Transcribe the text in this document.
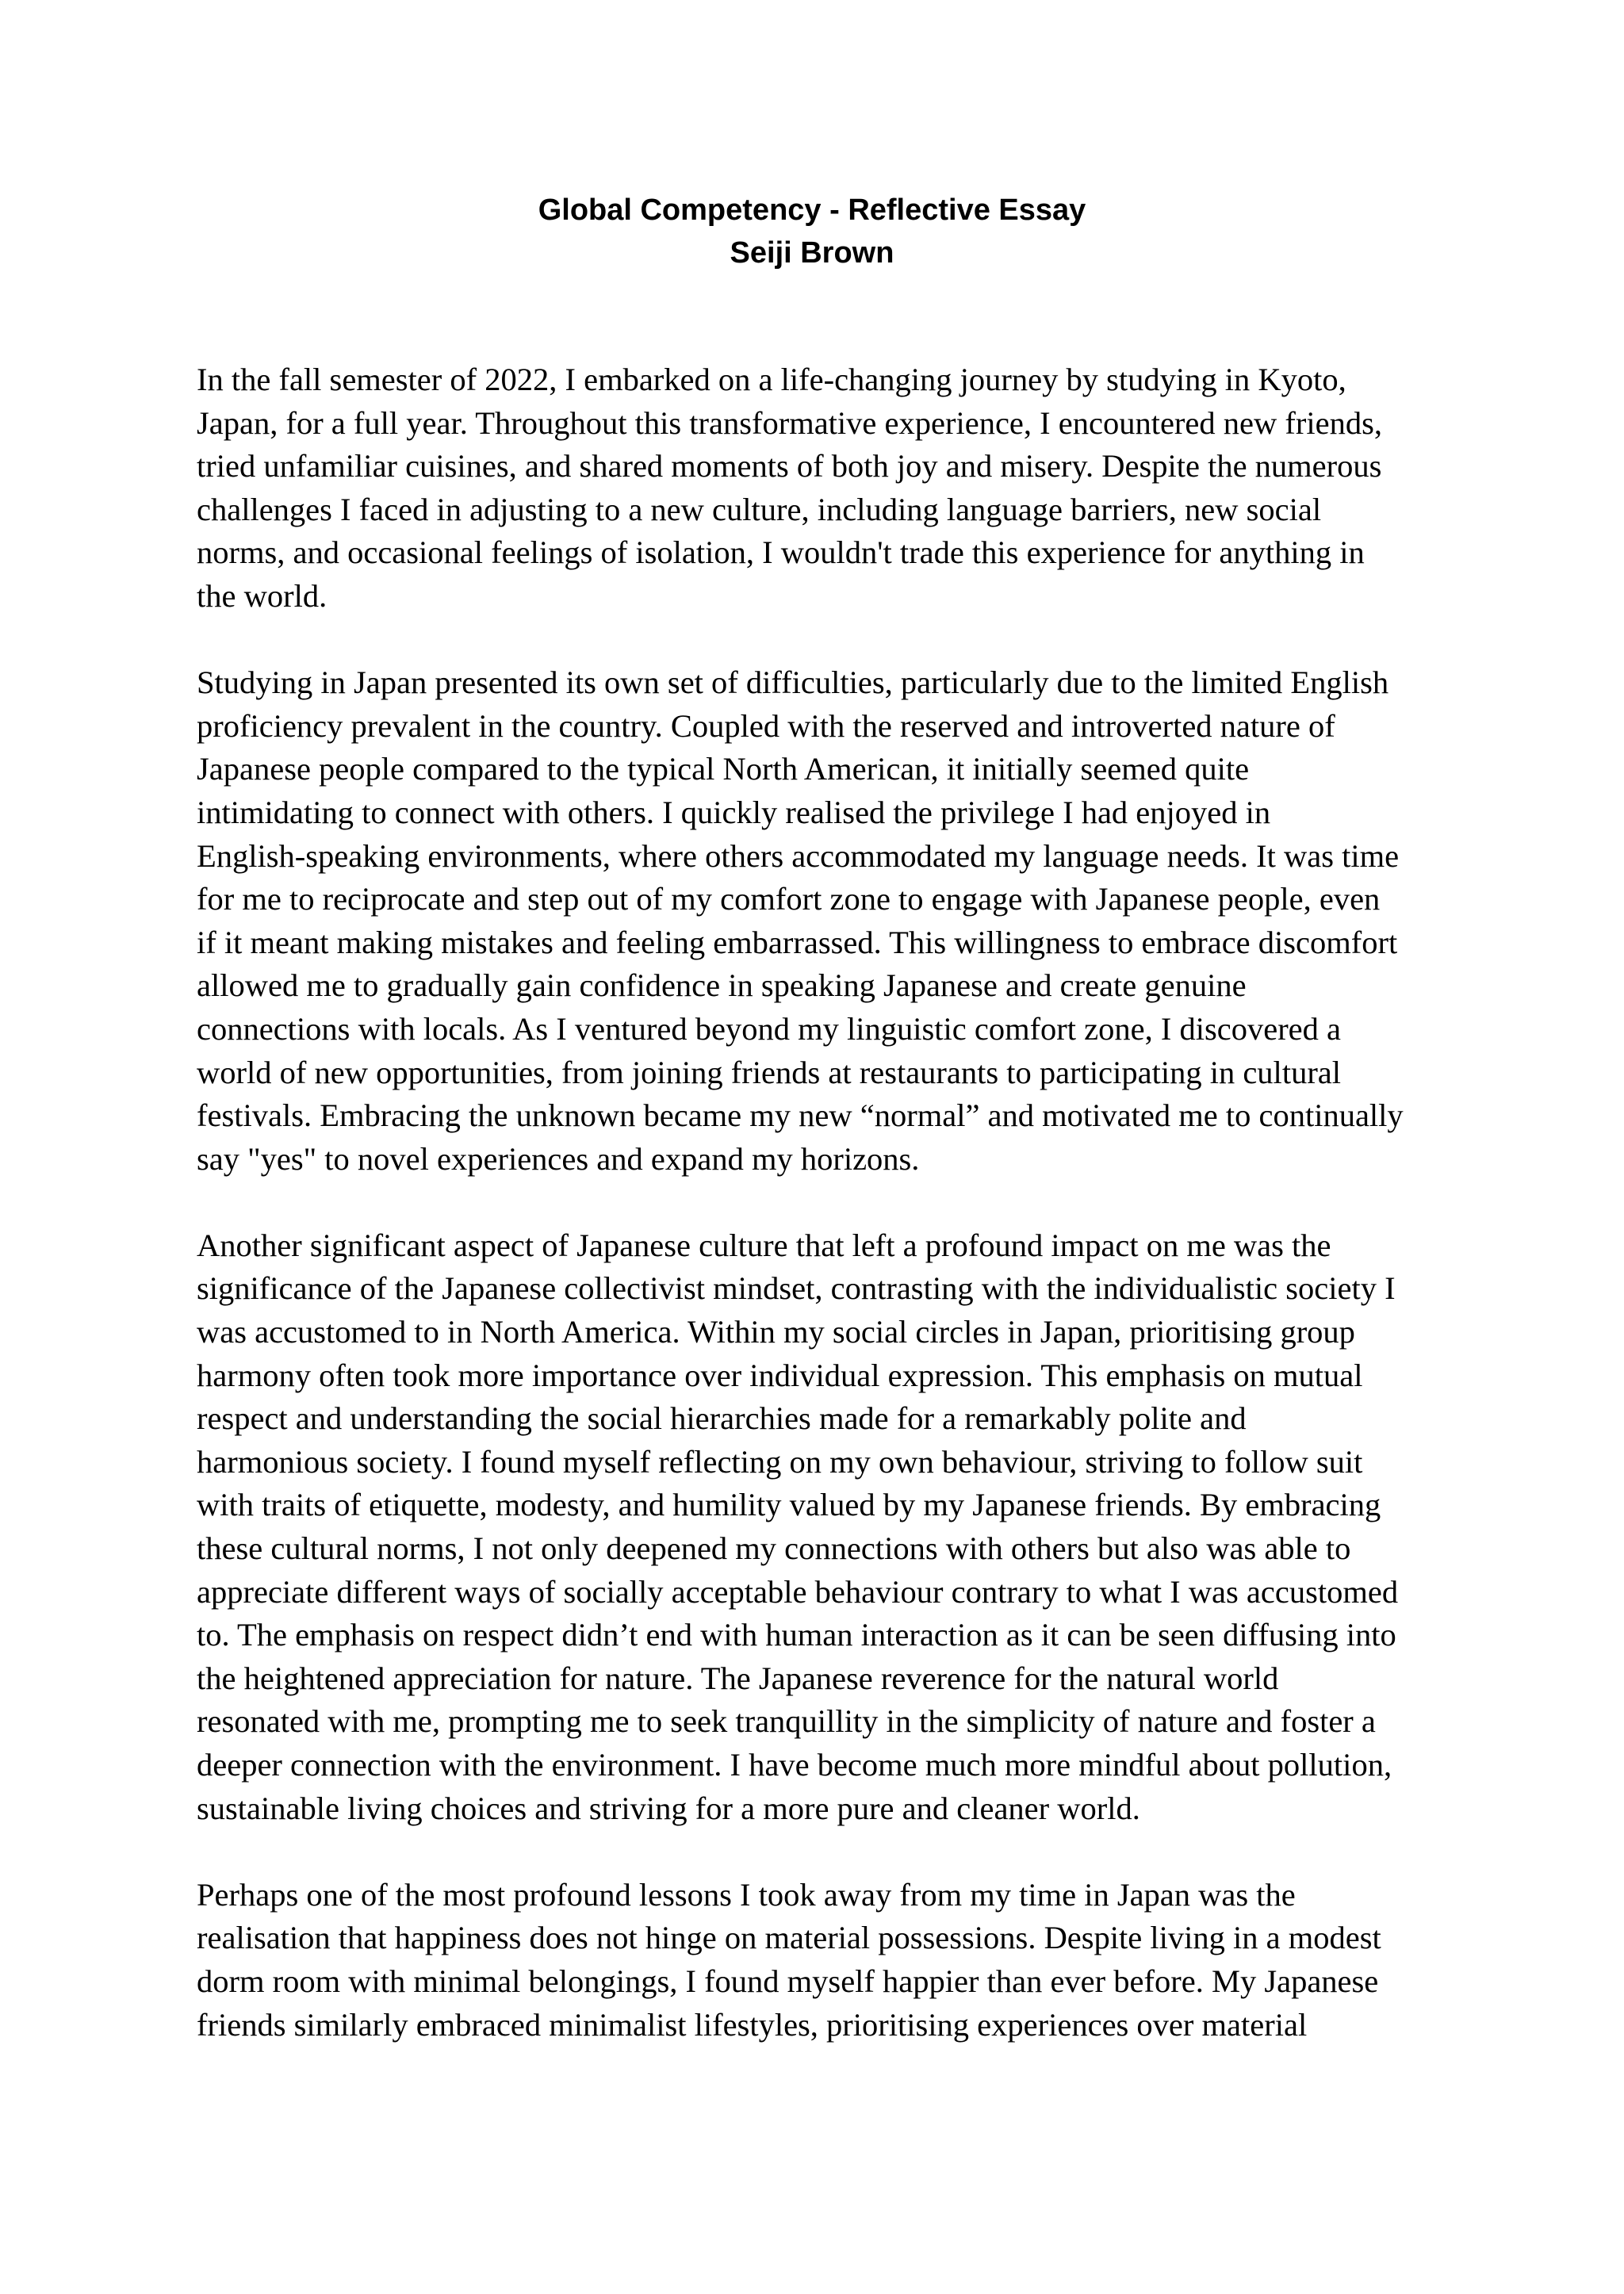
Global Competency - Reflective Essay
Seiji Brown

In the fall semester of 2022, I embarked on a life-changing journey by studying in Kyoto,
Japan, for a full year. Throughout this transformative experience, I encountered new friends,
tried unfamiliar cuisines, and shared moments of both joy and misery. Despite the numerous
challenges I faced in adjusting to a new culture, including language barriers, new social
norms, and occasional feelings of isolation, I wouldn't trade this experience for anything in
the world.

Studying in Japan presented its own set of difficulties, particularly due to the limited English
proficiency prevalent in the country. Coupled with the reserved and introverted nature of
Japanese people compared to the typical North American, it initially seemed quite
intimidating to connect with others. I quickly realised the privilege I had enjoyed in
English-speaking environments, where others accommodated my language needs. It was time
for me to reciprocate and step out of my comfort zone to engage with Japanese people, even
if it meant making mistakes and feeling embarrassed. This willingness to embrace discomfort
allowed me to gradually gain confidence in speaking Japanese and create genuine
connections with locals. As I ventured beyond my linguistic comfort zone, I discovered a
world of new opportunities, from joining friends at restaurants to participating in cultural
festivals. Embracing the unknown became my new “normal” and motivated me to continually
say "yes" to novel experiences and expand my horizons.

Another significant aspect of Japanese culture that left a profound impact on me was the
significance of the Japanese collectivist mindset, contrasting with the individualistic society I
was accustomed to in North America. Within my social circles in Japan, prioritising group
harmony often took more importance over individual expression. This emphasis on mutual
respect and understanding the social hierarchies made for a remarkably polite and
harmonious society. I found myself reflecting on my own behaviour, striving to follow suit
with traits of etiquette, modesty, and humility valued by my Japanese friends. By embracing
these cultural norms, I not only deepened my connections with others but also was able to
appreciate different ways of socially acceptable behaviour contrary to what I was accustomed
to. The emphasis on respect didn’t end with human interaction as it can be seen diffusing into
the heightened appreciation for nature. The Japanese reverence for the natural world
resonated with me, prompting me to seek tranquillity in the simplicity of nature and foster a
deeper connection with the environment. I have become much more mindful about pollution,
sustainable living choices and striving for a more pure and cleaner world.

Perhaps one of the most profound lessons I took away from my time in Japan was the
realisation that happiness does not hinge on material possessions. Despite living in a modest
dorm room with minimal belongings, I found myself happier than ever before. My Japanese
friends similarly embraced minimalist lifestyles, prioritising experiences over material
